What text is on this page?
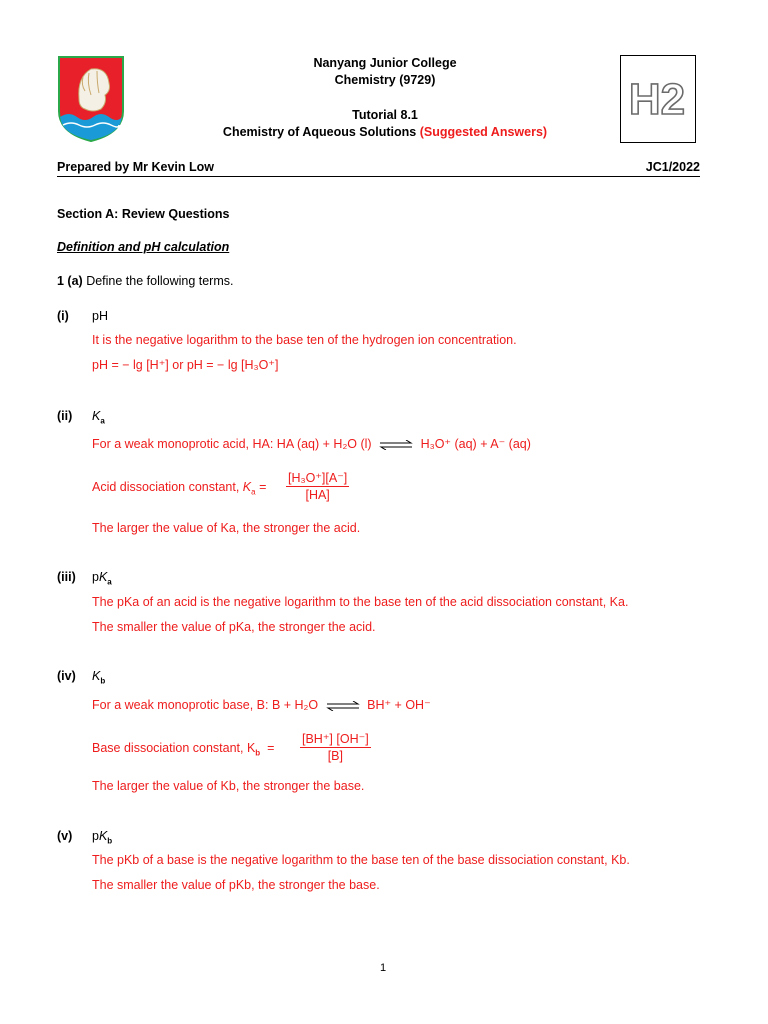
Nanyang Junior College
Chemistry (9729)
Tutorial 8.1
Chemistry of Aqueous Solutions (Suggested Answers)
H2
Prepared by Mr Kevin Low	JC1/2022
Section A: Review Questions
Definition and pH calculation
1 (a) Define the following terms.
(i) pH
It is the negative logarithm to the base ten of the hydrogen ion concentration.
pH = − lg [H⁺] or pH = − lg [H₃O⁺]
(ii) $K_a$
For a weak monoprotic acid, HA: HA (aq) + H₂O (l) ⇌ H₃O⁺ (aq) + A⁻ (aq)
Acid dissociation constant, $K_a = \frac{\text{[H₃O⁺][A⁻]}}{[HA]}$
The larger the value of Ka, the stronger the acid.
(iii) $pK_a$
The pKa of an acid is the negative logarithm to the base ten of the acid dissociation constant, Ka.
The smaller the value of pKa, the stronger the acid.
(iv) $K_b$
For a weak monoprotic base, B: B + H₂O ⇌ BH⁺ + OH⁻
Base dissociation constant, $K_b = \frac{[BH^+] [OH^-]}{[B]}$
The larger the value of Kb, the stronger the base.
(v) $pK_b$
The pKb of a base is the negative logarithm to the base ten of the base dissociation constant, Kb.
The smaller the value of pKb, the stronger the base.
1
